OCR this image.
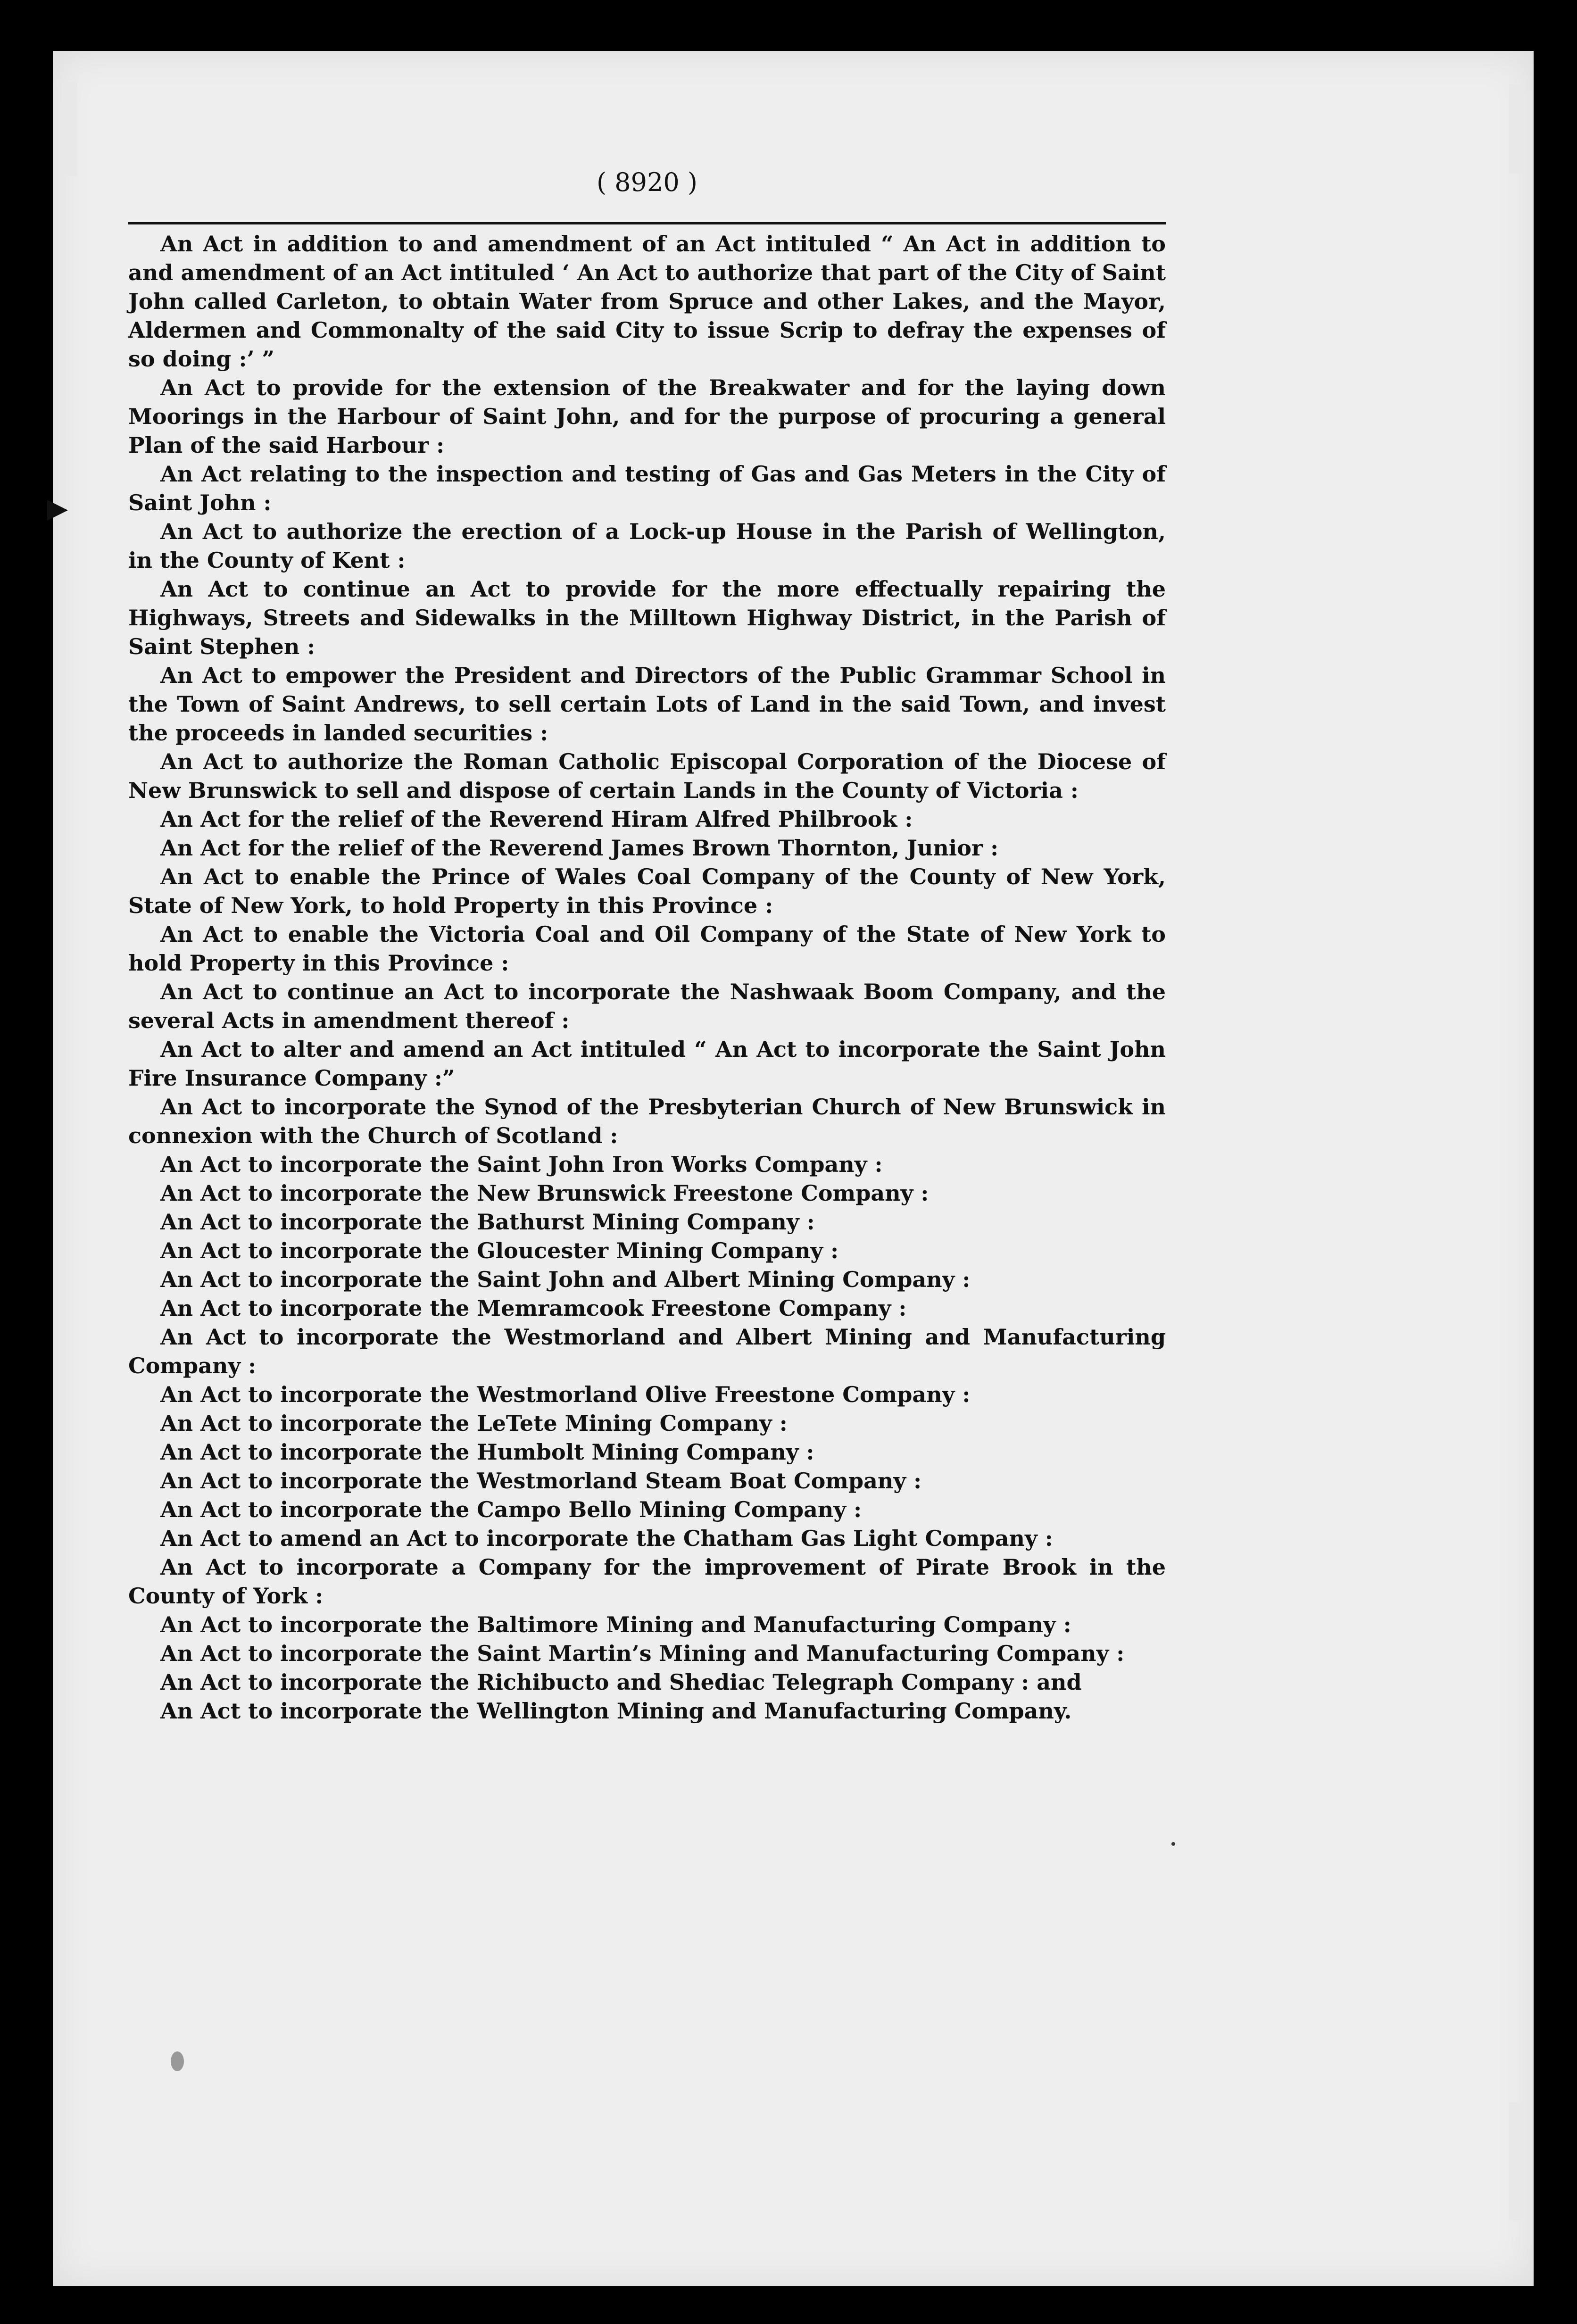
( 8920 )

An Act in addition to and amendment of an Act intituled “ An Act in addition to and amendment of an Act intituled ‘ An Act to authorize that part of the City of Saint John called Carleton, to obtain Water from Spruce and other Lakes, and the Mayor, Aldermen and Commonalty of the said City to issue Scrip to defray the expenses of so doing :’ ”

An Act to provide for the extension of the Breakwater and for the laying down Moorings in the Harbour of Saint John, and for the purpose of procuring a general Plan of the said Harbour :

An Act relating to the inspection and testing of Gas and Gas Meters in the City of Saint John :

An Act to authorize the erection of a Lock-up House in the Parish of Wellington, in the County of Kent :

An Act to continue an Act to provide for the more effectually repairing the Highways, Streets and Sidewalks in the Milltown Highway District, in the Parish of Saint Stephen :

An Act to empower the President and Directors of the Public Grammar School in the Town of Saint Andrews, to sell certain Lots of Land in the said Town, and invest the proceeds in landed securities :

An Act to authorize the Roman Catholic Episcopal Corporation of the Diocese of New Brunswick to sell and dispose of certain Lands in the County of Victoria :

An Act for the relief of the Reverend Hiram Alfred Philbrook :

An Act for the relief of the Reverend James Brown Thornton, Junior :

An Act to enable the Prince of Wales Coal Company of the County of New York, State of New York, to hold Property in this Province :

An Act to enable the Victoria Coal and Oil Company of the State of New York to hold Property in this Province :

An Act to continue an Act to incorporate the Nashwaak Boom Company, and the several Acts in amendment thereof :

An Act to alter and amend an Act intituled “ An Act to incorporate the Saint John Fire Insurance Company :”

An Act to incorporate the Synod of the Presbyterian Church of New Brunswick in connexion with the Church of Scotland :

An Act to incorporate the Saint John Iron Works Company :

An Act to incorporate the New Brunswick Freestone Company :

An Act to incorporate the Bathurst Mining Company :

An Act to incorporate the Gloucester Mining Company :

An Act to incorporate the Saint John and Albert Mining Company :

An Act to incorporate the Memramcook Freestone Company :

An Act to incorporate the Westmorland and Albert Mining and Manufacturing Company :

An Act to incorporate the Westmorland Olive Freestone Company :

An Act to incorporate the LeTete Mining Company :

An Act to incorporate the Humbolt Mining Company :

An Act to incorporate the Westmorland Steam Boat Company :

An Act to incorporate the Campo Bello Mining Company :

An Act to amend an Act to incorporate the Chatham Gas Light Company :

An Act to incorporate a Company for the improvement of Pirate Brook in the County of York :

An Act to incorporate the Baltimore Mining and Manufacturing Company :

An Act to incorporate the Saint Martin’s Mining and Manufacturing Company :

An Act to incorporate the Richibucto and Shediac Telegraph Company : and

An Act to incorporate the Wellington Mining and Manufacturing Company.
